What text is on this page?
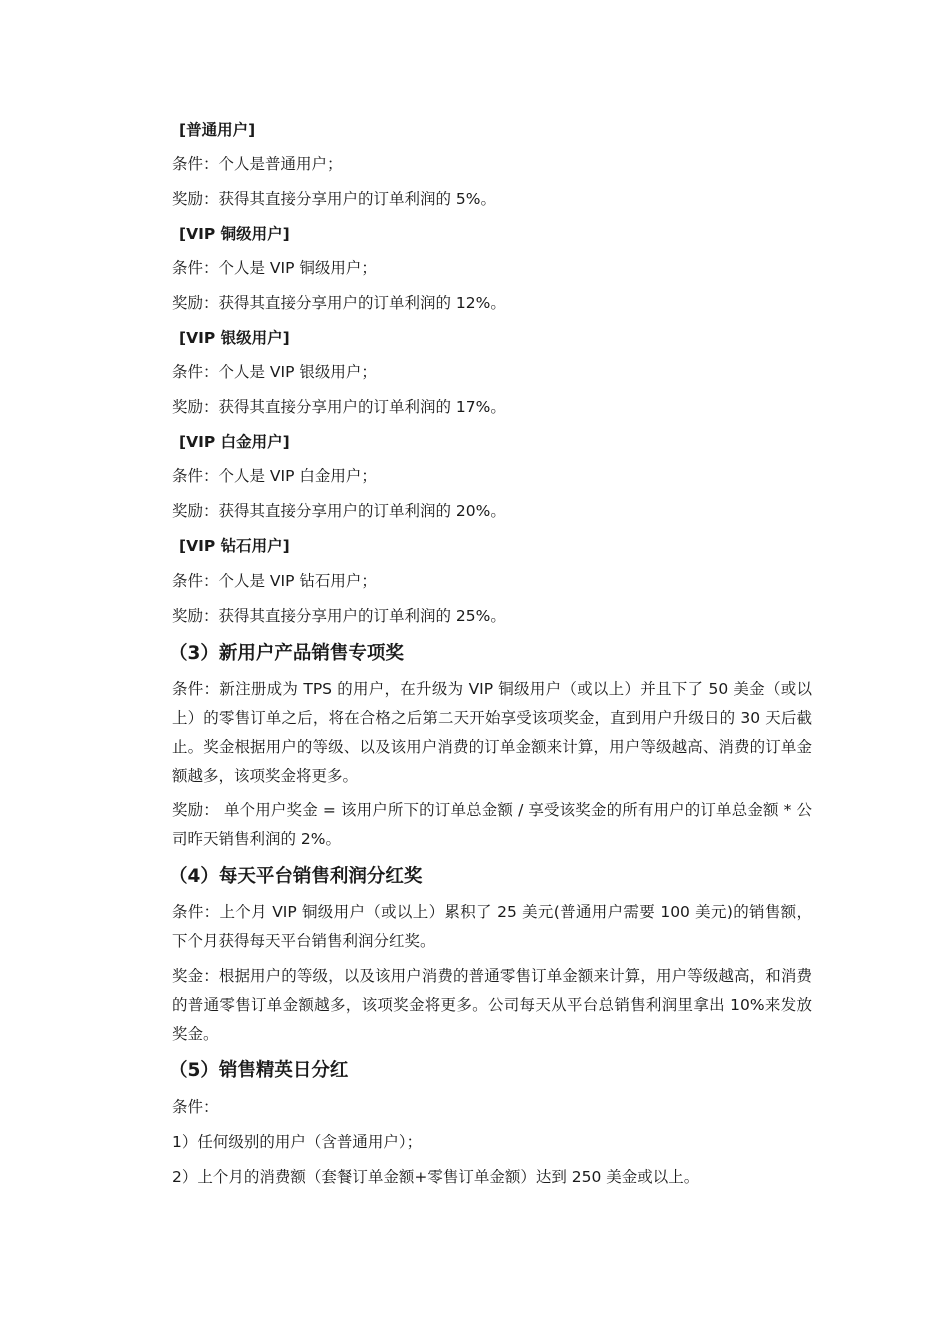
[普通用户]
条件：个人是普通用户；
奖励：获得其直接分享用户的订单利润的 5%。
[VIP 铜级用户]
条件：个人是 VIP 铜级用户；
奖励：获得其直接分享用户的订单利润的 12%。
[VIP 银级用户]
条件：个人是 VIP 银级用户；
奖励：获得其直接分享用户的订单利润的 17%。
[VIP 白金用户]
条件：个人是 VIP 白金用户；
奖励：获得其直接分享用户的订单利润的 20%。
[VIP 钻石用户]
条件：个人是 VIP 钻石用户；
奖励：获得其直接分享用户的订单利润的 25%。
（3）新用户产品销售专项奖
条件：新注册成为 TPS 的用户，在升级为 VIP 铜级用户（或以上）并且下了 50 美金（或以上）的零售订单之后，将在合格之后第二天开始享受该项奖金，直到用户升级日的 30 天后截止。奖金根据用户的等级、以及该用户消费的订单金额来计算，用户等级越高、消费的订单金额越多，该项奖金将更多。
奖励： 单个用户奖金 = 该用户所下的订单总金额 / 享受该奖金的所有用户的订单总金额 * 公司昨天销售利润的 2%。
（4）每天平台销售利润分红奖
条件：上个月 VIP 铜级用户（或以上）累积了 25 美元(普通用户需要 100 美元)的销售额，下个月获得每天平台销售利润分红奖。
奖金：根据用户的等级，以及该用户消费的普通零售订单金额来计算，用户等级越高，和消费的普通零售订单金额越多，该项奖金将更多。公司每天从平台总销售利润里拿出 10%来发放奖金。
（5）销售精英日分红
条件：
1）任何级别的用户（含普通用户）；
2）上个月的消费额（套餐订单金额+零售订单金额）达到 250 美金或以上。
